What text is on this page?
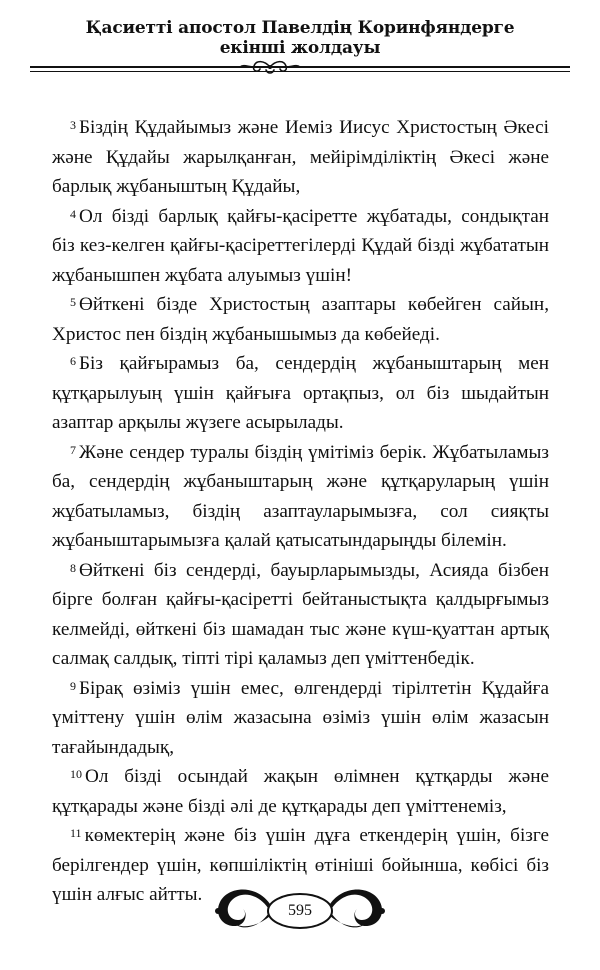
Қасиетті апостол Павелдің Коринфяндерге
екінші жолдауы

$^3$ Біздің Құдайымыз және Иеміз Иисус Христостың Әкесі және Құдайы жарылқанған, мейірімділіктің Әкесі және барлық жұбаныштың Құдайы,

$^4$ Ол бізді барлық қайғы-қасіретте жұбатады, сондықтан біз кез-келген қайғы-қасіреттегілерді Құдай бізді жұбататын жұбанышпен жұбата алуымыз үшін!

$^5$ Өйткені бізде Христостың азаптары көбейген сайын, Христос пен біздің жұбанышымыз да көбейеді.

$^6$ Біз қайғырамыз ба, сендердің жұбаныштарың мен құтқарылуың үшін қайғыға ортақпыз, ол біз шыдайтын азаптар арқылы жүзеге асырылады.

$^7$ Және сендер туралы біздің үмітіміз берік. Жұбатыламыз ба, сендердің жұбаныштарың және құтқаруларың үшін жұбатыламыз, біздің азаптауларымызға, сол сияқты жұбаныштарымызға қалай қатысатындарыңды білемін.

$^8$ Өйткені біз сендерді, бауырларымызды, Асияда бізбен бірге болған қайғы-қасіретті бейтаныстықта қалдырғымыз келмейді, өйткені біз шамадан тыс және күш-қуаттан артық салмақ салдық, тіпті тірі қаламыз деп үміттенбедік.

$^9$ Бірақ өзіміз үшін емес, өлгендерді тірілтетін Құдайға үміттену үшін өлім жазасына өзіміз үшін өлім жазасын тағайындадық,

$^{10}$ Ол бізді осындай жақын өлімнен құтқарды және құтқарады және бізді әлі де құтқарады деп үміттенеміз,

$^{11}$ көмектерің және біз үшін дұға еткендерің үшін, бізге берілгендер үшін, көпшіліктің өтініші бойынша, көбісі біз үшін алғыс айтты.

595
